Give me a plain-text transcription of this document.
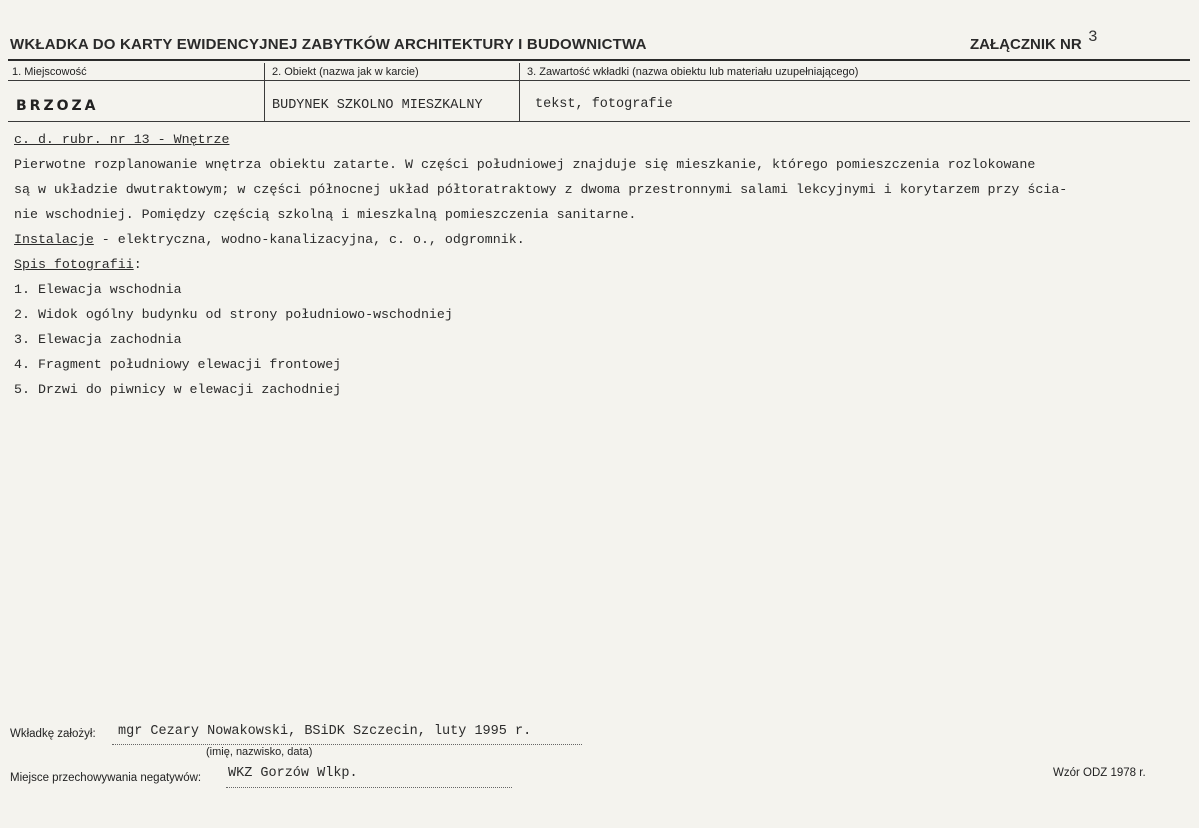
WKŁADKA DO KARTY EWIDENCYJNEJ ZABYTKÓW ARCHITEKTURY I BUDOWNICTWA	ZAŁĄCZNIK NR 3
1. Miejscowość	2. Obiekt (nazwa jak w karcie)	3. Zawartość wkładki (nazwa obiektu lub materiału uzupełniającego)
BRZOZA	BUDYNEK SZKOLNO MIESZKALNY	tekst, fotografie
c. d. rubr. nr 13 - Wnętrze
Pierwotne rozplanowanie wnętrza obiektu zatarte. W części południowej znajduje się mieszkanie, którego pomieszczenia rozlokowane
są w układzie dwutraktowym; w części północnej układ półtoratraktowy z dwoma przestronnymi salami lekcyjnymi i korytarzem przy ścia-
nie wschodniej. Pomiędzy częścią szkolną i mieszkalną pomieszczenia sanitarne.
Instalacje - elektryczna, wodno-kanalizacyjna, c. o., odgromnik.
Spis fotografii:
1. Elewacja wschodnia
2. Widok ogólny budynku od strony południowo-wschodniej
3. Elewacja zachodnia
4. Fragment południowy elewacji frontowej
5. Drzwi do piwnicy w elewacji zachodniej
Wkładkę założył: mgr Cezary Nowakowski, BSiDK Szczecin, luty 1995 r.
(imię, nazwisko, data)
Miejsce przechowywania negatywów: WKZ Gorzów Wlkp.	Wzór ODZ 1978 r.
